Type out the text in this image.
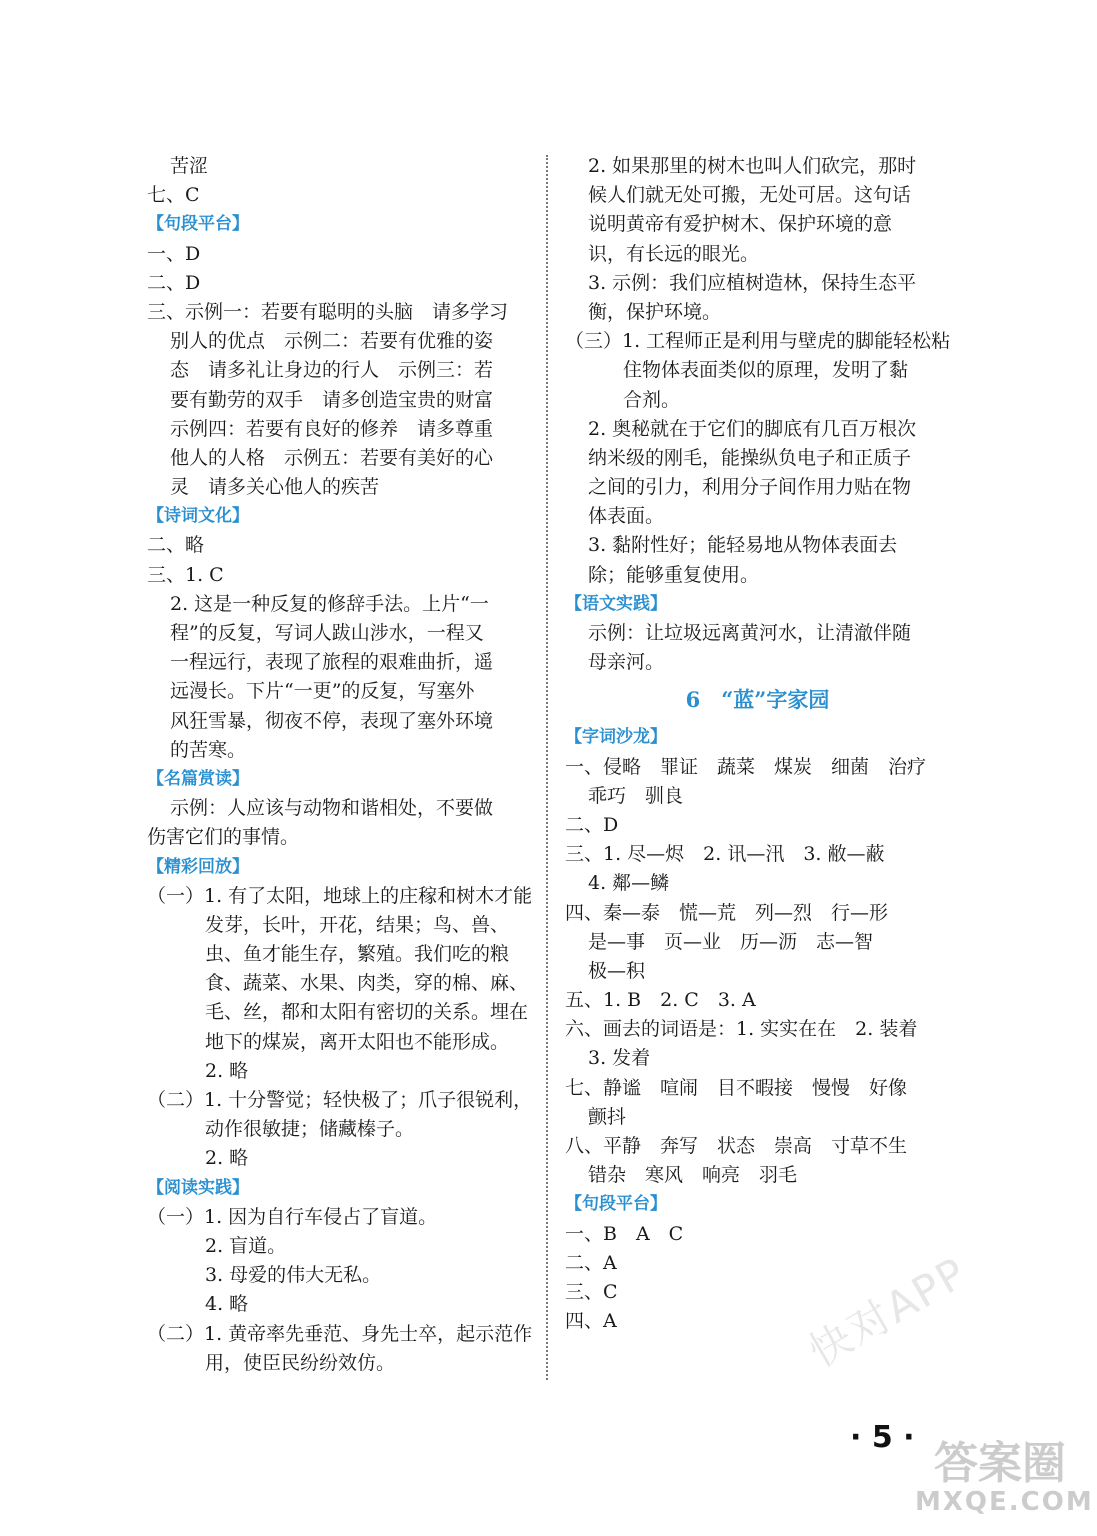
苦涩
七、C
【句段平台】
一、D
二、D
三、示例一：若要有聪明的头脑　请多学习
别人的优点　示例二：若要有优雅的姿
态　请多礼让身边的行人　示例三：若
要有勤劳的双手　请多创造宝贵的财富
示例四：若要有良好的修养　请多尊重
他人的人格　示例五：若要有美好的心
灵　请多关心他人的疾苦
【诗词文化】
二、略
三、1. C
2. 这是一种反复的修辞手法。上片“一
程”的反复，写词人跋山涉水，一程又
一程远行，表现了旅程的艰难曲折，遥
远漫长。下片“一更”的反复，写塞外
风狂雪暴，彻夜不停，表现了塞外环境
的苦寒。
【名篇赏读】
示例：人应该与动物和谐相处，不要做
伤害它们的事情。
【精彩回放】
（一）1. 有了太阳，地球上的庄稼和树木才能
发芽，长叶，开花，结果；鸟、兽、
虫、鱼才能生存，繁殖。我们吃的粮
食、蔬菜、水果、肉类，穿的棉、麻、
毛、丝，都和太阳有密切的关系。埋在
地下的煤炭，离开太阳也不能形成。
2. 略
（二）1. 十分警觉；轻快极了；爪子很锐利，
动作很敏捷；储藏榛子。
2. 略
【阅读实践】
（一）1. 因为自行车侵占了盲道。
2. 盲道。
3. 母爱的伟大无私。
4. 略
（二）1. 黄帝率先垂范、身先士卒，起示范作
用，使臣民纷纷效仿。
2. 如果那里的树木也叫人们砍完，那时
候人们就无处可搬，无处可居。这句话
说明黄帝有爱护树木、保护环境的意
识，有长远的眼光。
3. 示例：我们应植树造林，保持生态平
衡，保护环境。
（三）1. 工程师正是利用与壁虎的脚能轻松粘
住物体表面类似的原理，发明了黏
合剂。
2. 奥秘就在于它们的脚底有几百万根次
纳米级的刚毛，能操纵负电子和正质子
之间的引力，利用分子间作用力贴在物
体表面。
3. 黏附性好；能轻易地从物体表面去
除；能够重复使用。
【语文实践】
示例：让垃圾远离黄河水，让清澈伴随
母亲河。
6　“蓝”字家园
【字词沙龙】
一、侵略　罪证　蔬菜　煤炭　细菌　治疗
乖巧　驯良
二、D
三、1. 尽—烬　2. 讯—汛　3. 敝—蔽
4. 鄰—鳞
四、秦—泰　慌—荒　列—烈　行—形
是—事　页—业　历—沥　志—智
极—积
五、1. B　2. C　3. A
六、画去的词语是：1. 实实在在　2. 装着
3. 发着
七、静谧　喧闹　目不暇接　慢慢　好像
颤抖
八、平静　奔写　状态　崇高　寸草不生
错杂　寒风　响亮　羽毛
【句段平台】
一、B　A　C
二、A
三、C
四、A
· 5 ·
快对APP
答案圈
MXQE.COM
